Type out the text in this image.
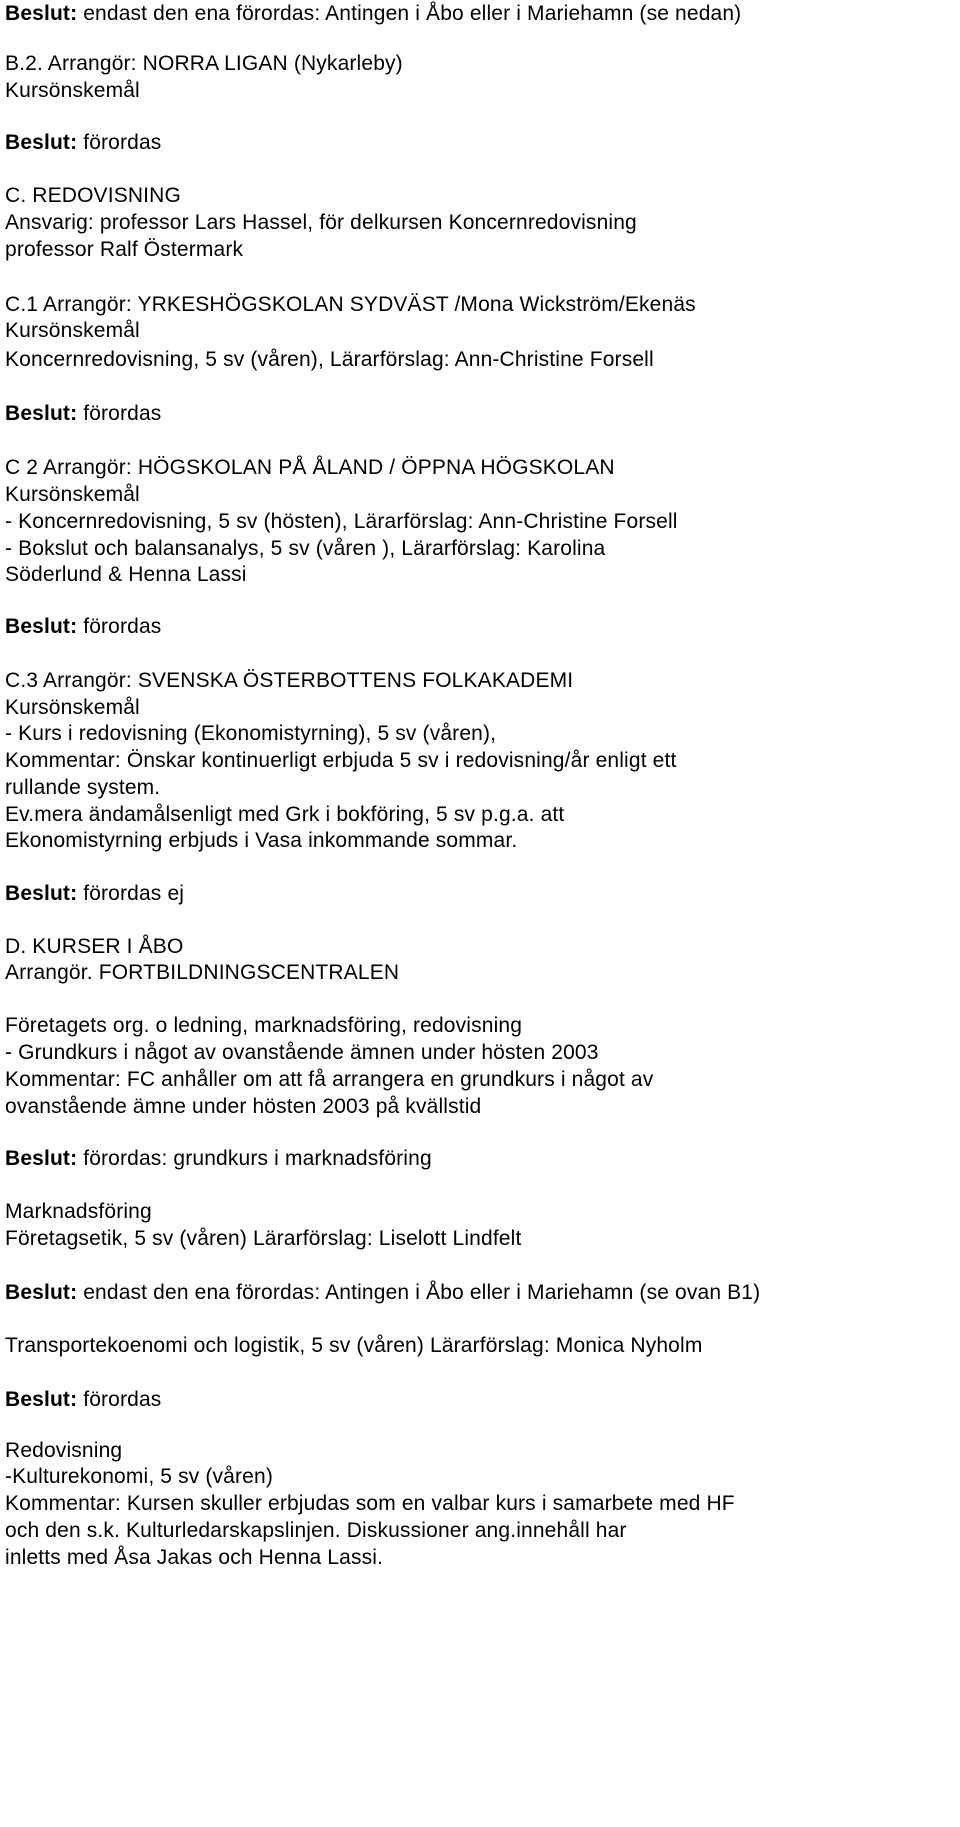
Beslut: endast den ena förordas: Antingen i Åbo eller i Mariehamn (se nedan)
B.2. Arrangör: NORRA LIGAN (Nykarleby)
Kursönskemål
Beslut: förordas
C. REDOVISNING
Ansvarig: professor Lars Hassel, för delkursen Koncernredovisning
professor Ralf Östermark
C.1 Arrangör: YRKESHÖGSKOLAN SYDVÄST /Mona Wickström/Ekenäs
Kursönskemål
Koncernredovisning, 5 sv (våren), Lärarförslag: Ann-Christine Forsell
Beslut: förordas
C 2 Arrangör: HÖGSKOLAN PÅ ÅLAND / ÖPPNA HÖGSKOLAN
Kursönskemål
- Koncernredovisning, 5 sv (hösten), Lärarförslag: Ann-Christine Forsell
- Bokslut och balansanalys, 5 sv (våren ), Lärarförslag: Karolina
Söderlund & Henna Lassi
Beslut: förordas
C.3 Arrangör: SVENSKA ÖSTERBOTTENS FOLKAKADEMI
Kursönskemål
- Kurs i redovisning (Ekonomistyrning), 5 sv (våren),
Kommentar: Önskar kontinuerligt erbjuda 5 sv i redovisning/år enligt ett
rullande system.
Ev.mera ändamålsenligt med Grk i bokföring, 5 sv p.g.a. att
Ekonomistyrning erbjuds i Vasa inkommande sommar.
Beslut: förordas ej
D. KURSER I ÅBO
Arrangör. FORTBILDNINGSCENTRALEN
Företagets org. o ledning, marknadsföring, redovisning
- Grundkurs i något av ovanstående ämnen under hösten 2003
Kommentar: FC anhåller om att få arrangera en grundkurs i något av
ovanstående ämne under hösten 2003 på kvällstid
Beslut: förordas: grundkurs i marknadsföring
Marknadsföring
Företagsetik, 5 sv (våren) Lärarförslag: Liselott Lindfelt
Beslut: endast den ena förordas: Antingen i Åbo eller i Mariehamn (se ovan B1)
Transportekoenomi och logistik, 5 sv (våren) Lärarförslag: Monica Nyholm
Beslut: förordas
Redovisning
-Kulturekonomi, 5 sv (våren)
Kommentar: Kursen skuller erbjudas som en valbar kurs i samarbete med HF
och den s.k. Kulturledarskapslinjen. Diskussioner ang.innehåll har
inletts med Åsa Jakas och Henna Lassi.
